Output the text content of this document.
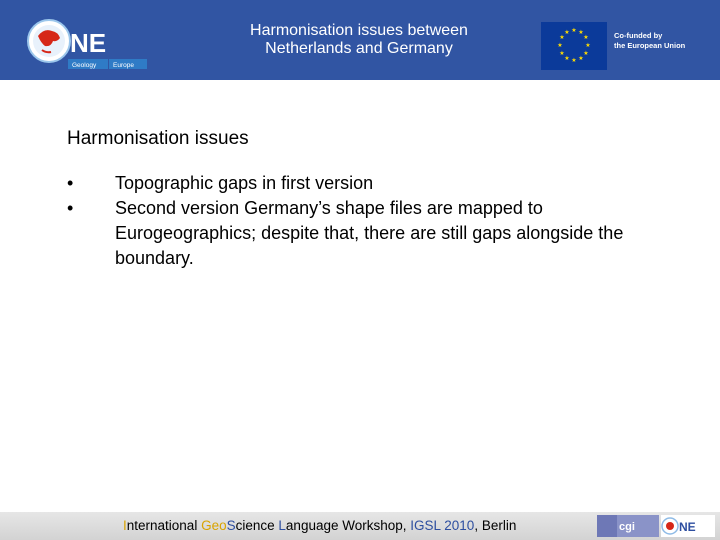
NE
Geology	Europe
Harmonisation issues between
Netherlands and Germany
★ ★
★
★
★
★
★
★
★
★
★
★	Co-funded by
the European Union
Harmonisation issues
•	Topographic gaps in first version
•	Second version Germany’s shape files are mapped to Eurogeographics; despite that, there are still gaps alongside the boundary.
International GeoScience Language Workshop, IGSL 2010, Berlin	cgi	NE
